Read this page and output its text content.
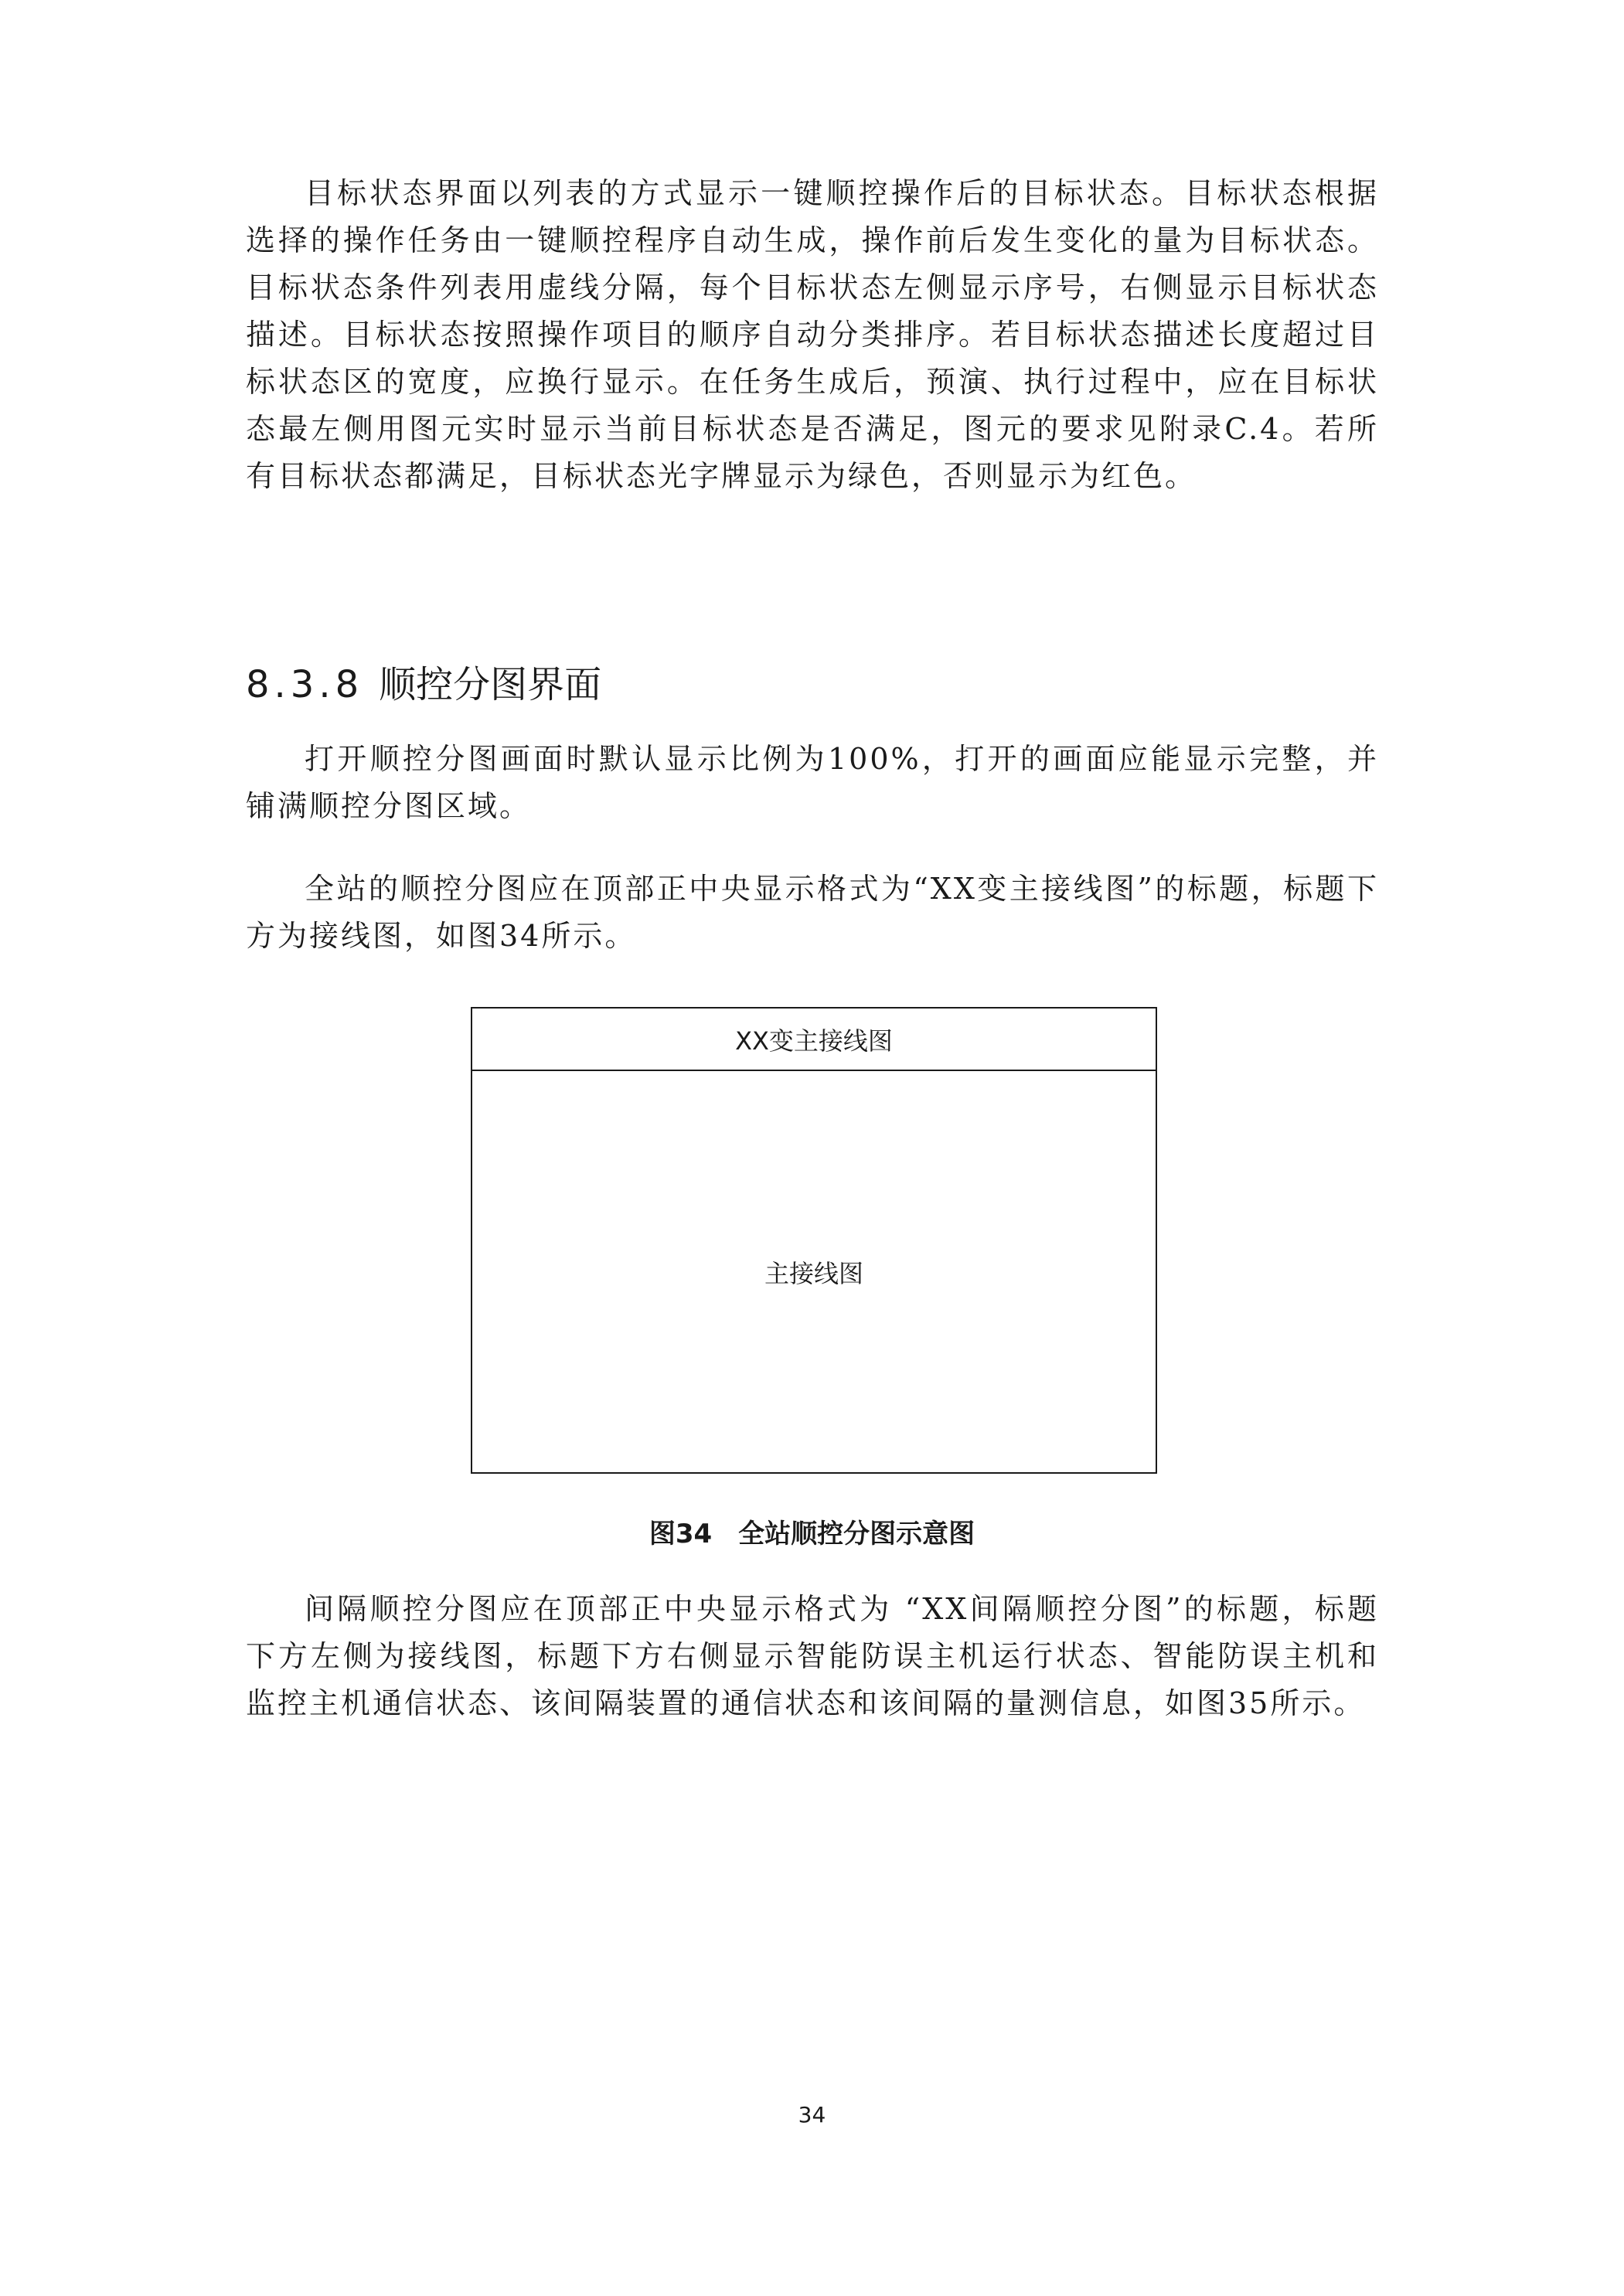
目标状态界面以列表的方式显示一键顺控操作后的目标状态。目标状态根据选择的操作任务由一键顺控程序自动生成，操作前后发生变化的量为目标状态。目标状态条件列表用虚线分隔，每个目标状态左侧显示序号，右侧显示目标状态描述。目标状态按照操作项目的顺序自动分类排序。若目标状态描述长度超过目标状态区的宽度，应换行显示。在任务生成后，预演、执行过程中，应在目标状态最左侧用图元实时显示当前目标状态是否满足，图元的要求见附录C.4。若所有目标状态都满足，目标状态光字牌显示为绿色，否则显示为红色。

8.3.8 顺控分图界面

打开顺控分图画面时默认显示比例为100%，打开的画面应能显示完整，并铺满顺控分图区域。

全站的顺控分图应在顶部正中央显示格式为“XX变主接线图”的标题，标题下方为接线图，如图34所示。

XX变主接线图
主接线图
图34 全站顺控分图示意图

间隔顺控分图应在顶部正中央显示格式为 “XX间隔顺控分图”的标题，标题下方左侧为接线图，标题下方右侧显示智能防误主机运行状态、智能防误主机和监控主机通信状态、该间隔装置的通信状态和该间隔的量测信息，如图35所示。

34
